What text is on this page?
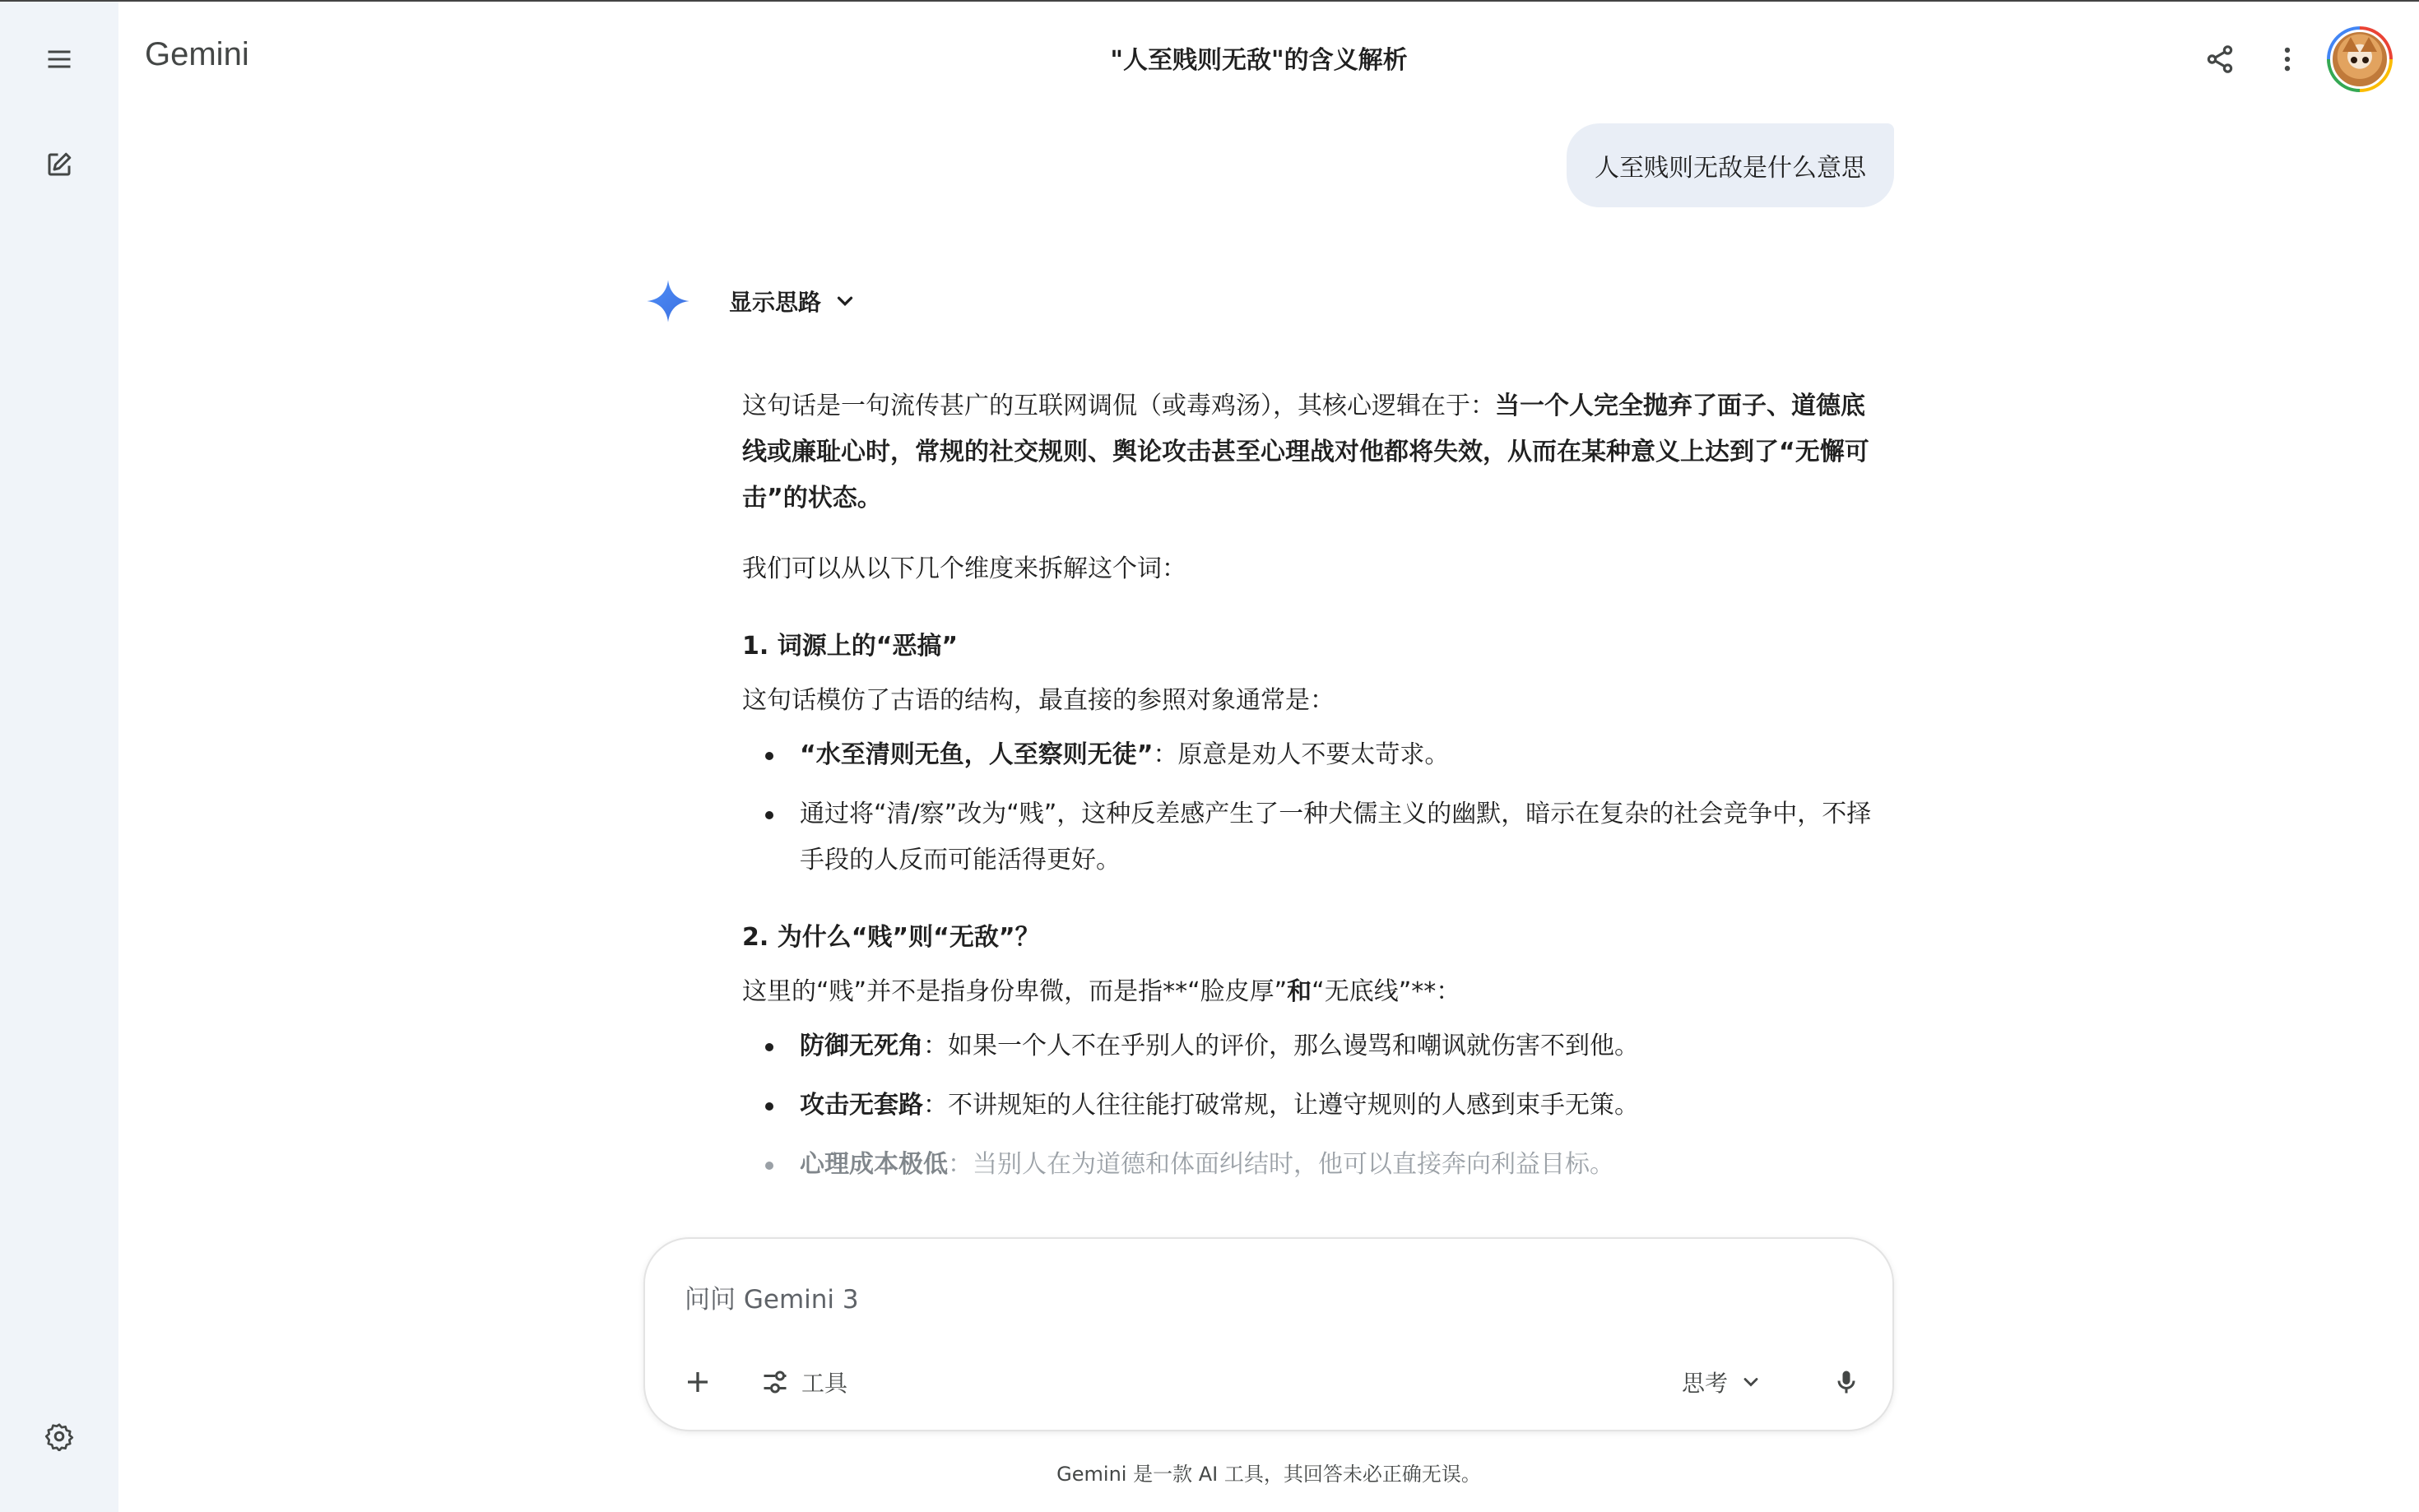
Gemini	"人至贱则无敌"的含义解析
人至贱则无敌是什么意思
显示思路

这句话是一句流传甚广的互联网调侃（或毒鸡汤），其核心逻辑在于：当一个人完全抛弃了面子、道德底线或廉耻心时，常规的社交规则、舆论攻击甚至心理战对他都将失效，从而在某种意义上达到了“无懈可击”的状态。

我们可以从以下几个维度来拆解这个词：

1. 词源上的“恶搞”

这句话模仿了古语的结构，最直接的参照对象通常是：

“水至清则无鱼，人至察则无徒”：原意是劝人不要太苛求。
通过将“清/察”改为“贱”，这种反差感产生了一种犬儒主义的幽默，暗示在复杂的社会竞争中，不择手段的人反而可能活得更好。
2. 为什么“贱”则“无敌”？

这里的“贱”并不是指身份卑微，而是指**“脸皮厚”和“无底线”**：

防御无死角：如果一个人不在乎别人的评价，那么谩骂和嘲讽就伤害不到他。
攻击无套路：不讲规矩的人往往能打破常规，让遵守规则的人感到束手无策。
心理成本极低：当别人在为道德和体面纠结时，他可以直接奔向利益目标。
问问 Gemini 3
工具	思考
Gemini 是一款 AI 工具，其回答未必正确无误。
